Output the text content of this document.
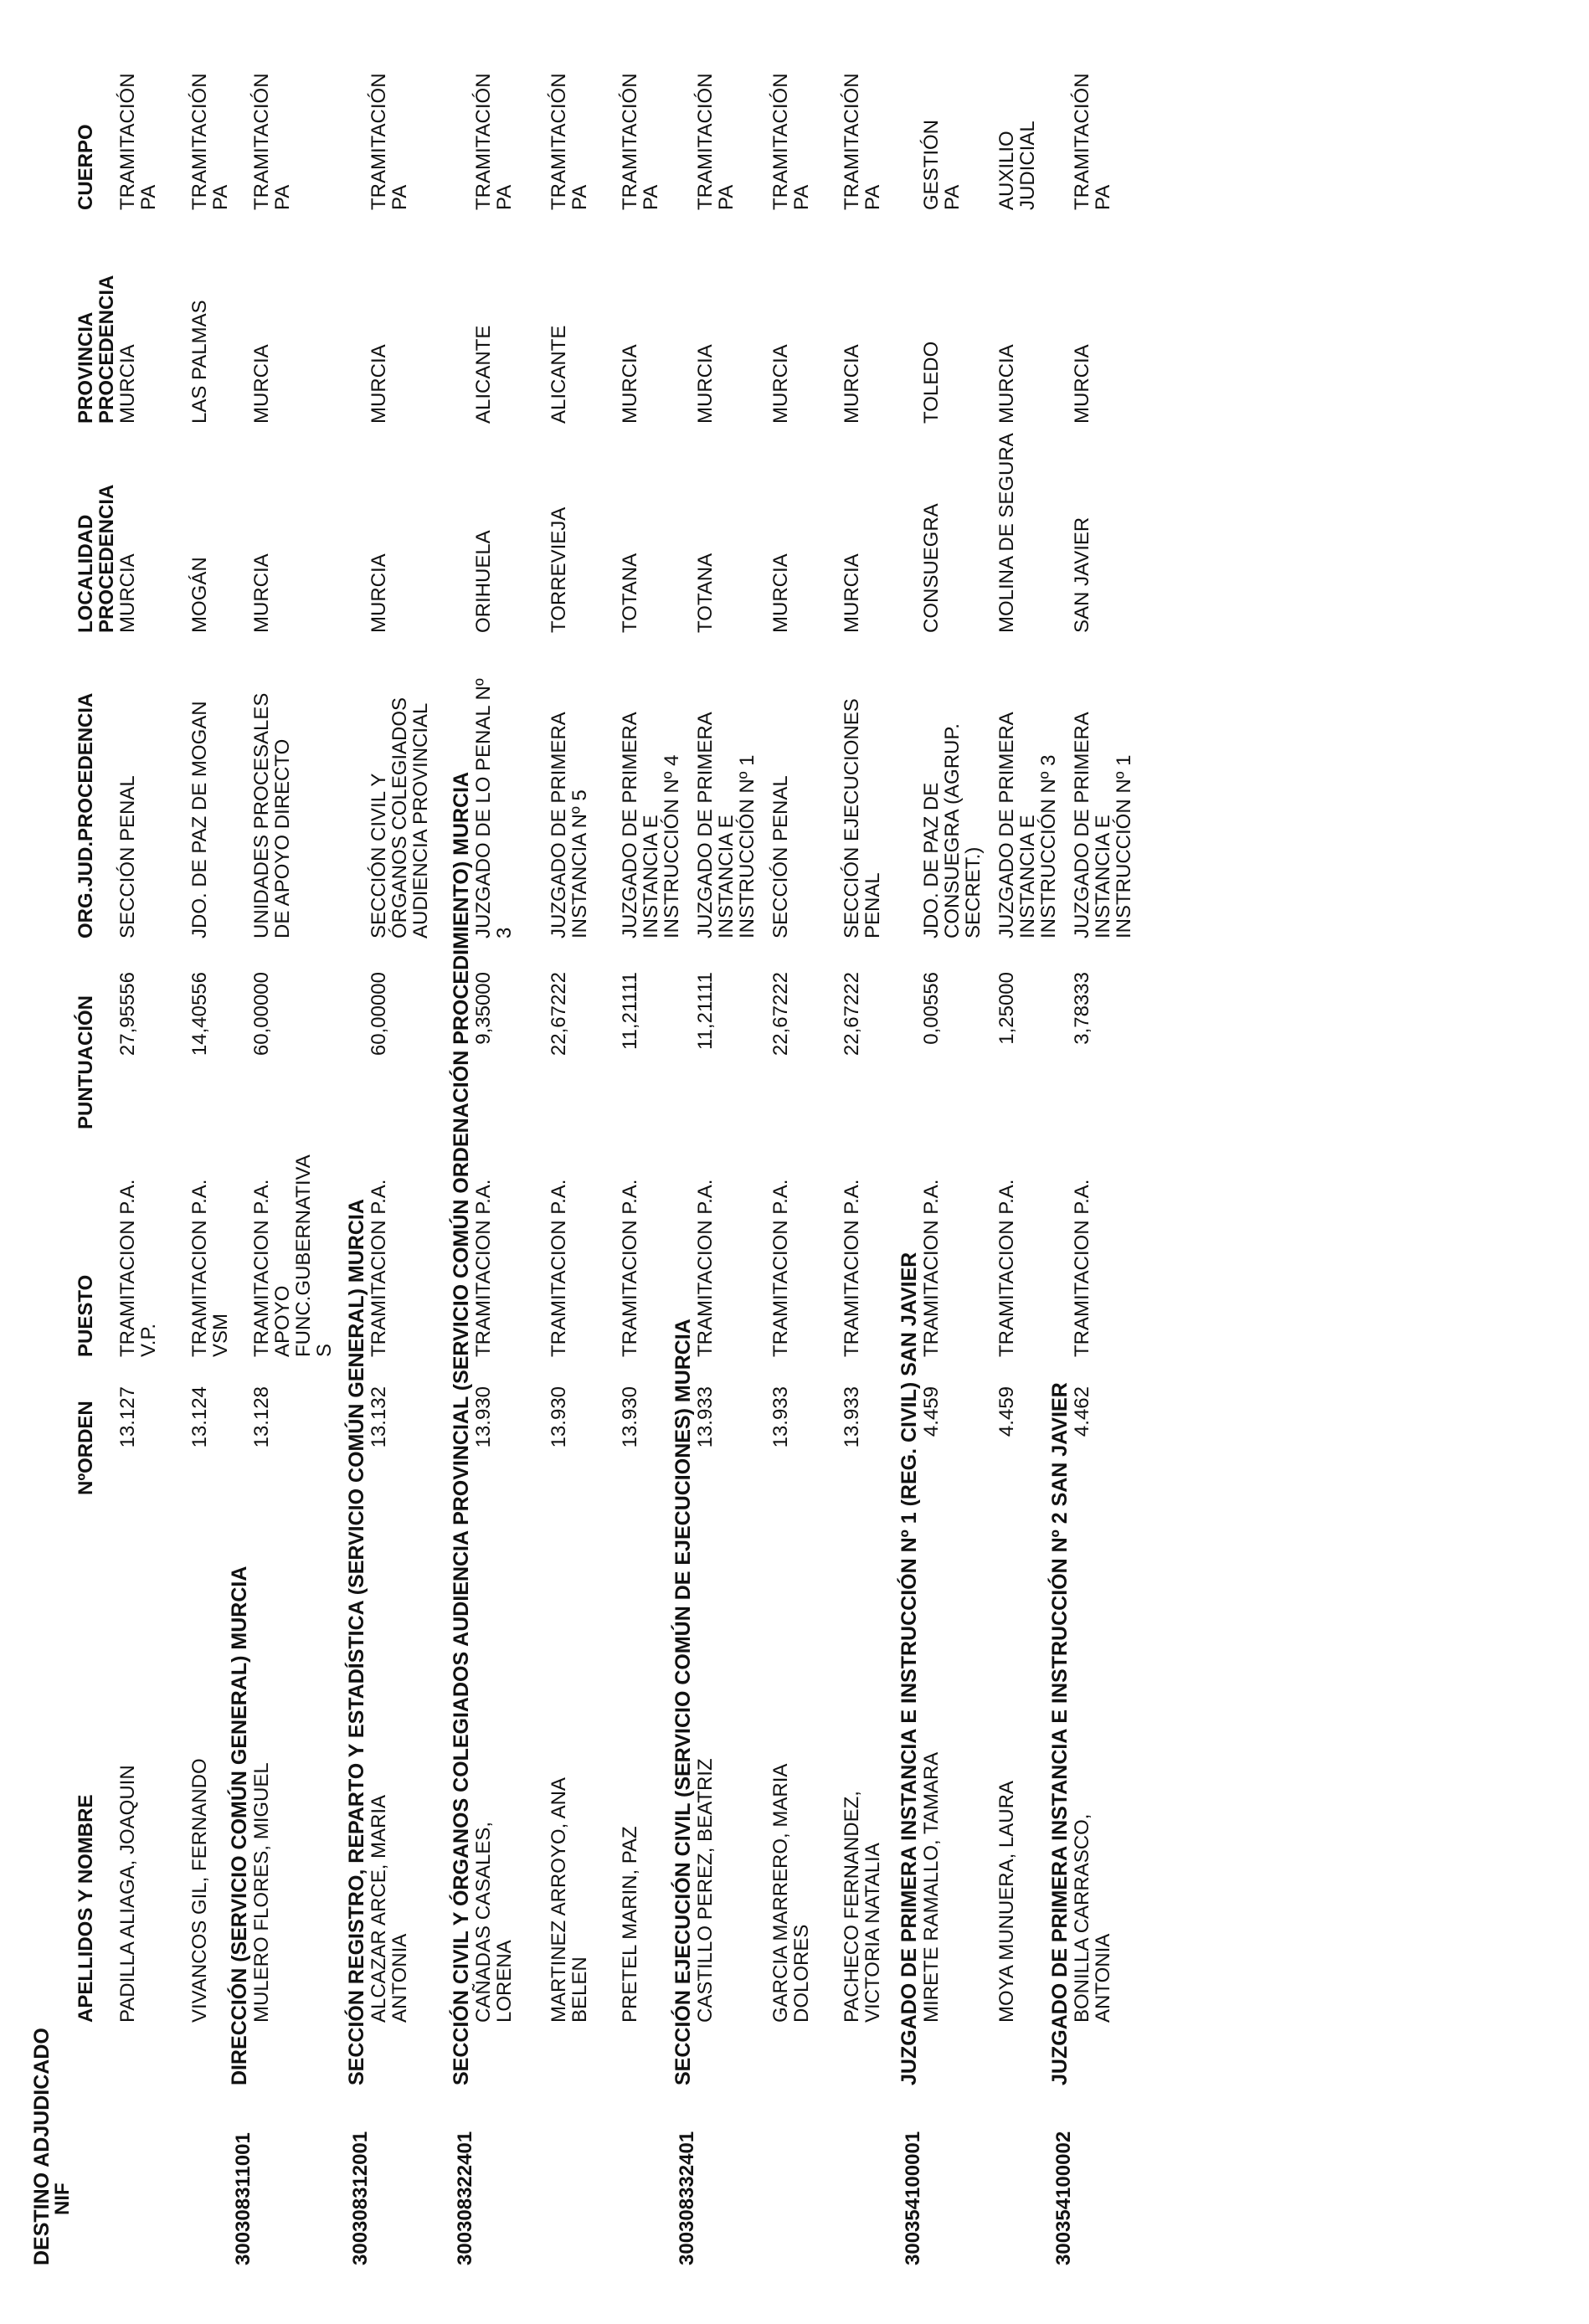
DESTINO ADJUDICADO
NIF
APELLIDOS Y NOMBRE
NºORDEN
PUESTO
PUNTUACIÓN
ORG.JUD.PROCEDENCIA
LOCALIDAD PROCEDENCIA
PROVINCIA PROCEDENCIA
CUERPO
PADILLA ALIAGA, JOAQUIN
13.127
TRAMITACION P.A. V.P.
27,95556
SECCIÓN PENAL
MURCIA
MURCIA
TRAMITACIÓN PA
VIVANCOS GIL, FERNANDO
13.124
TRAMITACION P.A. VSM
14,40556
JDO. DE PAZ DE MOGAN
MOGÁN
LAS PALMAS
TRAMITACIÓN PA
300308311001
DIRECCIÓN (SERVICIO COMÚN GENERAL) MURCIA MULERO FLORES, MIGUEL
13.128
TRAMITACION P.A. APOYO FUNC.GUBERNATIVA S
60,00000
UNIDADES PROCESALES DE APOYO DIRECTO
MURCIA
MURCIA
TRAMITACIÓN PA
300308312001
SECCIÓN REGISTRO, REPARTO Y ESTADÍSTICA (SERVICIO COMÚN GENERAL) MURCIA ALCAZAR ARCE, MARIA ANTONIA
13.132
TRAMITACION P.A.
60,00000
SECCIÓN CIVIL Y ÓRGANOS COLEGIADOS AUDIENCIA PROVINCIAL
MURCIA
MURCIA
TRAMITACIÓN PA
300308322401
SECCIÓN CIVIL Y ÓRGANOS COLEGIADOS AUDIENCIA PROVINCIAL (SERVICIO COMÚN ORDENACIÓN PROCEDIMIENTO) MURCIA CAÑADAS CASALES, LORENA
13.930
TRAMITACION P.A.
9,35000
JUZGADO DE LO PENAL Nº 3
ORIHUELA
ALICANTE
TRAMITACIÓN PA
MARTINEZ ARROYO, ANA BELEN
13.930
TRAMITACION P.A.
22,67222
JUZGADO DE PRIMERA INSTANCIA Nº 5
TORREVIEJA
ALICANTE
TRAMITACIÓN PA
PRETEL MARIN, PAZ
13.930
TRAMITACION P.A.
11,21111
JUZGADO DE PRIMERA INSTANCIA E INSTRUCCIÓN Nº 4
TOTANA
MURCIA
TRAMITACIÓN PA
300308332401
SECCIÓN EJECUCIÓN CIVIL (SERVICIO COMÚN DE EJECUCIONES) MURCIA CASTILLO PEREZ, BEATRIZ
13.933
TRAMITACION P.A.
11,21111
JUZGADO DE PRIMERA INSTANCIA E INSTRUCCIÓN Nº 1
TOTANA
MURCIA
TRAMITACIÓN PA
GARCIA MARRERO, MARIA DOLORES
13.933
TRAMITACION P.A.
22,67222
SECCIÓN PENAL
MURCIA
MURCIA
TRAMITACIÓN PA
PACHECO FERNANDEZ, VICTORIA NATALIA
13.933
TRAMITACION P.A.
22,67222
SECCIÓN EJECUCIONES PENAL
MURCIA
MURCIA
TRAMITACIÓN PA
300354100001
JUZGADO DE PRIMERA INSTANCIA E INSTRUCCIÓN Nº 1 (REG. CIVIL) SAN JAVIER MIRETE RAMALLO, TAMARA
4.459
TRAMITACION P.A.
0,00556
JDO. DE PAZ DE CONSUEGRA (AGRUP. SECRET.)
CONSUEGRA
TOLEDO
GESTIÓN PA
MOYA MUNUERA, LAURA
4.459
TRAMITACION P.A.
1,25000
JUZGADO DE PRIMERA INSTANCIA E INSTRUCCIÓN Nº 3
MOLINA DE SEGURA
MURCIA
AUXILIO JUDICIAL
300354100002
JUZGADO DE PRIMERA INSTANCIA E INSTRUCCIÓN Nº 2 SAN JAVIER BONILLA CARRASCO, ANTONIA
4.462
TRAMITACION P.A.
3,78333
JUZGADO DE PRIMERA INSTANCIA E INSTRUCCIÓN Nº 1
SAN JAVIER
MURCIA
TRAMITACIÓN PA
